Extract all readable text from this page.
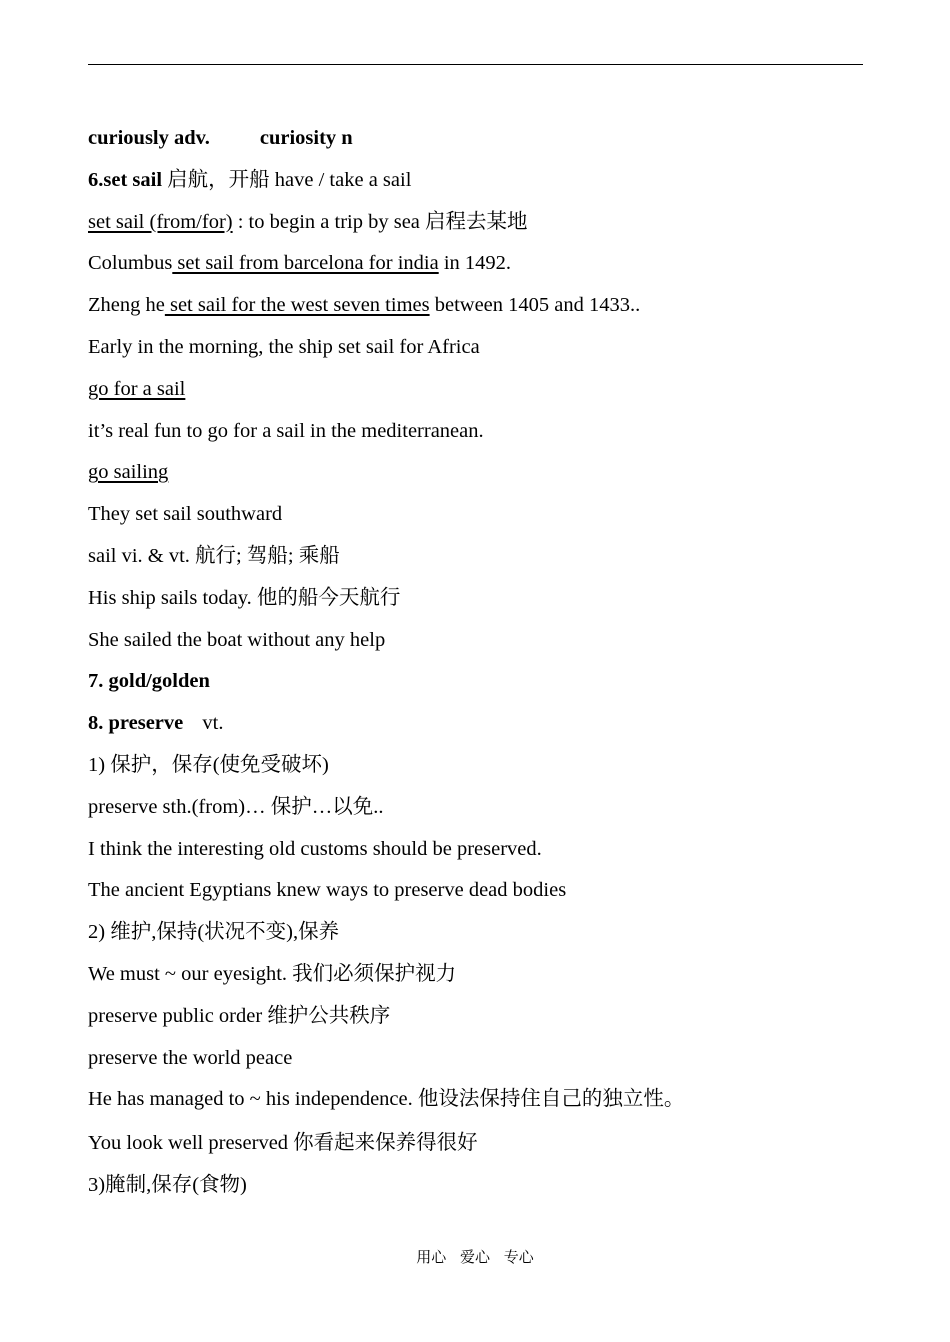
curiously adv. curiosity n
6.set sail 启航，开船 have / take a sail
set sail (from/for) : to begin a trip by sea 启程去某地
Columbus set sail from barcelona for india in 1492.
Zheng he set sail for the west seven times between 1405 and 1433..
Early in the morning, the ship set sail for Africa
go for a sail
it’s real fun to go for a sail in the mediterranean.
go sailing
They set sail southward
sail vi. & vt. 航行; 驾船; 乘船
His ship sails today. 他的船今天航行
She sailed the boat without any help
7. gold/golden
8. preserve vt.
1) 保护，保存(使免受破坏)
preserve sth.(from)… 保护…以免..
I think the interesting old customs should be preserved.
The ancient Egyptians knew ways to preserve dead bodies
2) 维护,保持(状况不变),保养
We must ~ our eyesight. 我们必须保护视力
preserve public order 维护公共秩序
preserve the world peace
He has managed to ~ his independence. 他设法保持住自己的独立性。
You look well preserved 你看起来保养得很好
3)腌制,保存(食物)
用心 爱心 专心
